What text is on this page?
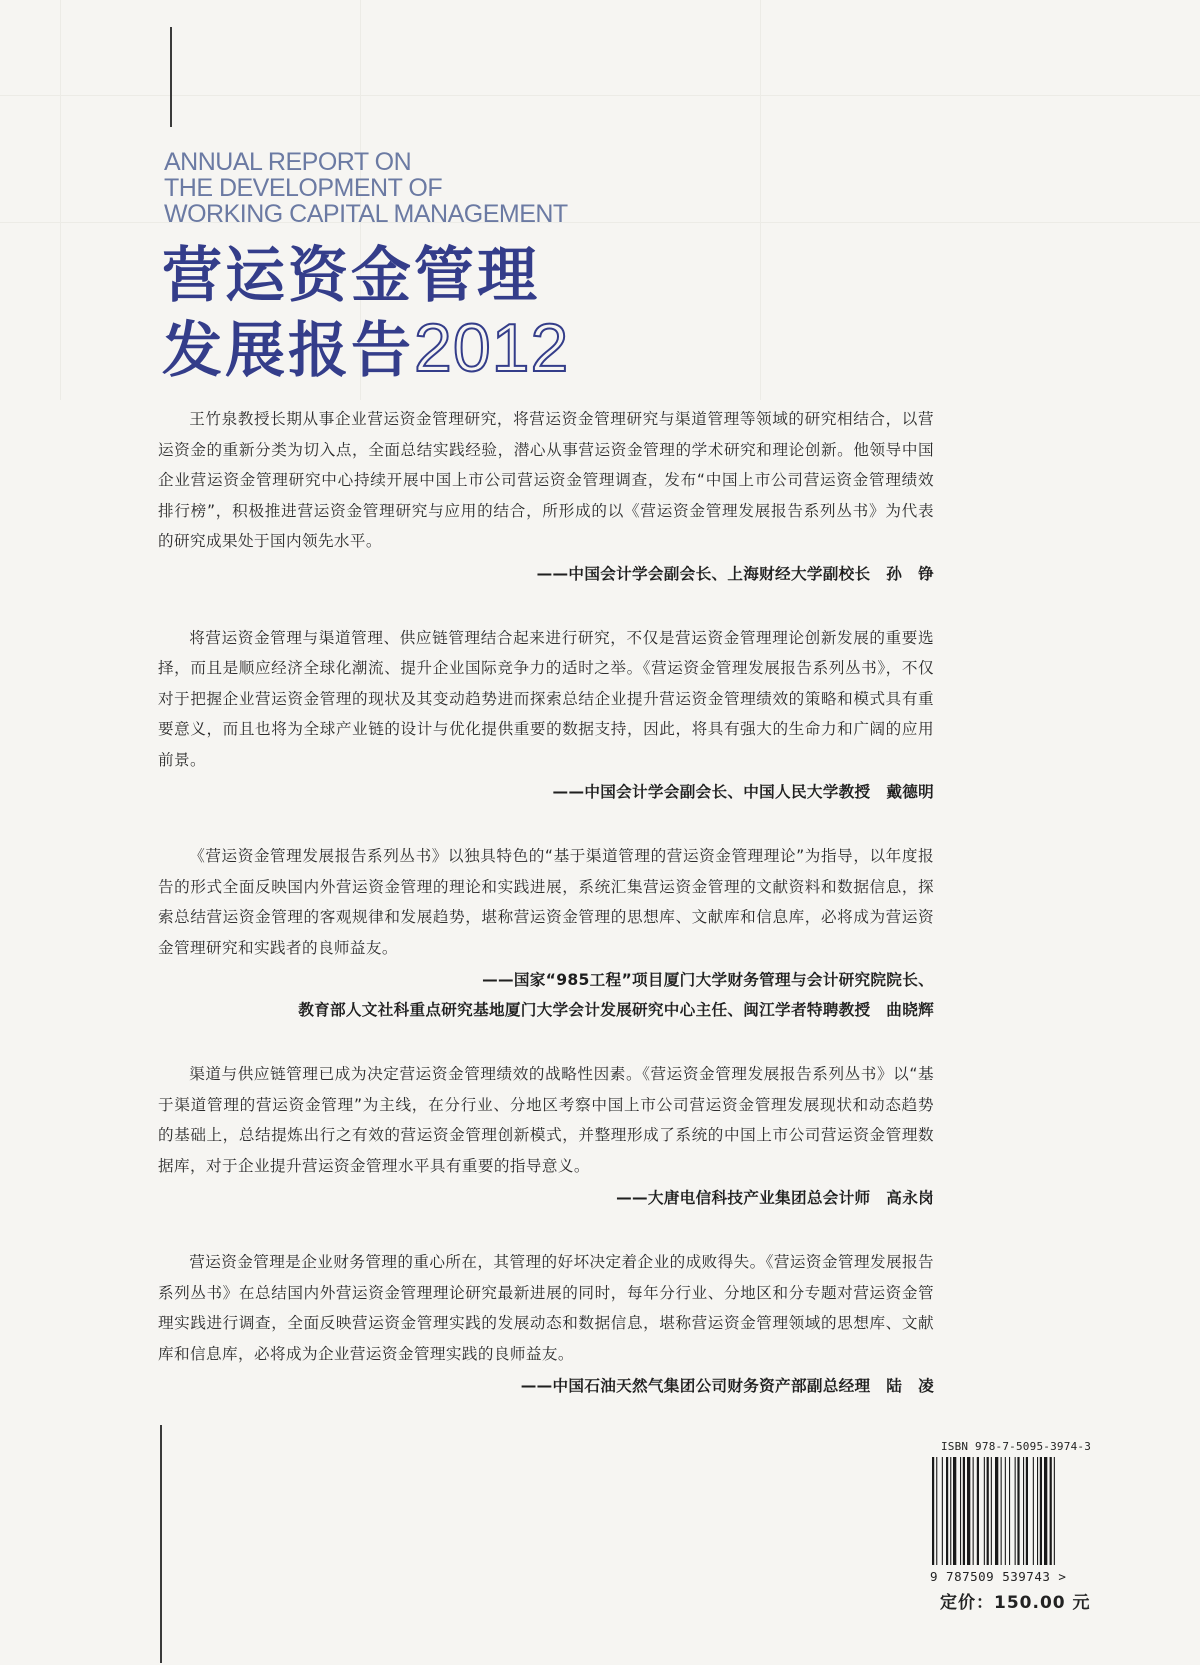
ANNUAL REPORT ON
THE DEVELOPMENT OF
WORKING CAPITAL MANAGEMENT
营运资金管理
发展报告2012

王竹泉教授长期从事企业营运资金管理研究，将营运资金管理研究与渠道管理等领域的研究相结合，以营运资金的重新分类为切入点，全面总结实践经验，潜心从事营运资金管理的学术研究和理论创新。他领导中国企业营运资金管理研究中心持续开展中国上市公司营运资金管理调查，发布“中国上市公司营运资金管理绩效排行榜”，积极推进营运资金管理研究与应用的结合，所形成的以《营运资金管理发展报告系列丛书》为代表的研究成果处于国内领先水平。

——中国会计学会副会长、上海财经大学副校长　孙　铮

将营运资金管理与渠道管理、供应链管理结合起来进行研究，不仅是营运资金管理理论创新发展的重要选择，而且是顺应经济全球化潮流、提升企业国际竞争力的适时之举。《营运资金管理发展报告系列丛书》，不仅对于把握企业营运资金管理的现状及其变动趋势进而探索总结企业提升营运资金管理绩效的策略和模式具有重要意义，而且也将为全球产业链的设计与优化提供重要的数据支持，因此，将具有强大的生命力和广阔的应用前景。

——中国会计学会副会长、中国人民大学教授　戴德明

《营运资金管理发展报告系列丛书》以独具特色的“基于渠道管理的营运资金管理理论”为指导，以年度报告的形式全面反映国内外营运资金管理的理论和实践进展，系统汇集营运资金管理的文献资料和数据信息，探索总结营运资金管理的客观规律和发展趋势，堪称营运资金管理的思想库、文献库和信息库，必将成为营运资金管理研究和实践者的良师益友。

——国家“985工程”项目厦门大学财务管理与会计研究院院长、

教育部人文社科重点研究基地厦门大学会计发展研究中心主任、闽江学者特聘教授　曲晓辉

渠道与供应链管理已成为决定营运资金管理绩效的战略性因素。《营运资金管理发展报告系列丛书》以“基于渠道管理的营运资金管理”为主线，在分行业、分地区考察中国上市公司营运资金管理发展现状和动态趋势的基础上，总结提炼出行之有效的营运资金管理创新模式，并整理形成了系统的中国上市公司营运资金管理数据库，对于企业提升营运资金管理水平具有重要的指导意义。

——大唐电信科技产业集团总会计师　高永岗

营运资金管理是企业财务管理的重心所在，其管理的好坏决定着企业的成败得失。《营运资金管理发展报告系列丛书》在总结国内外营运资金管理理论研究最新进展的同时，每年分行业、分地区和分专题对营运资金管理实践进行调查，全面反映营运资金管理实践的发展动态和数据信息，堪称营运资金管理领域的思想库、文献库和信息库，必将成为企业营运资金管理实践的良师益友。

——中国石油天然气集团公司财务资产部副总经理　陆　凌

ISBN 978-7-5095-3974-3

9 787509 539743 >

定价：150.00 元
